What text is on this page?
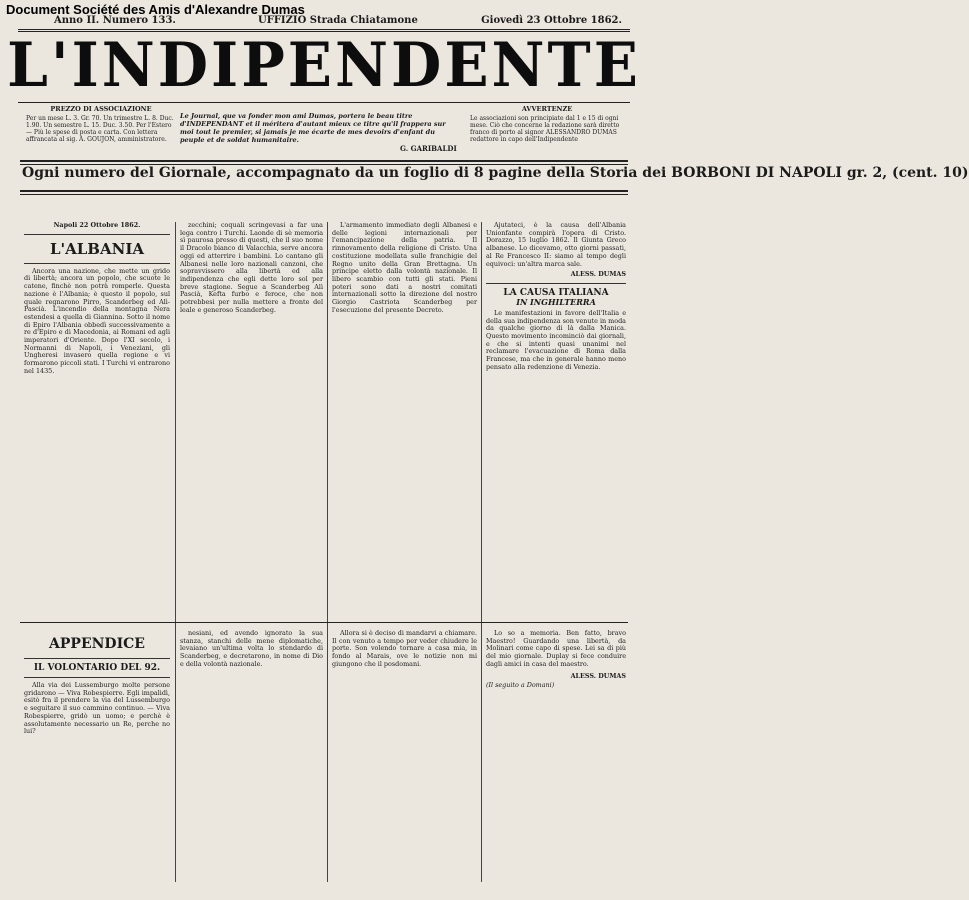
Document Société des Amis d'Alexandre Dumas
Anno II. Numero 133.	UFFIZIO Strada Chiatamone	Giovedì 23 Ottobre 1862.
L'INDIPENDENTE
PREZZO DI ASSOCIAZIONE
Per un mese L. 3. Gr. 70. Un trimestre L. 8. Duc. 1.90. Un semestre L. 15. Duc. 3.50. Per l'Estero — Più le spese di posta e carta. Con lettera affrancata al sig. A. GOUJON, amministratore.
Le Journal, que va fonder mon ami Dumas, portera le beau titre d'INDEPENDANT et il méritera d'autant mieux ce titre qu'il frappera sur moi tout le premier, si jamais je me écarte de mes devoirs d'enfant du peuple et de soldat humanitaire.
G. GARIBALDI
AVVERTENZE
Le associazioni son principiate dal 1 e 15 di ogni mese. Ciò che concerne la redazione sarà diretto franco di porto al signor ALESSANDRO DUMAS redattore in capo dell'Indipendente
Ogni numero del Giornale, accompagnato da un foglio di 8 pagine della Storia dei BORBONI DI NAPOLI gr. 2, (cent. 10)
Napoli 22 Ottobre 1862.
L'ALBANIA

Ancora una nazione, che mette un grido di libertà; ancora un popolo, che scuote le catene, finchè non potrà romperle. Questa nazione è l'Albania; è questo il popolo, sul quale regnarono Pirro, Scanderbeg ed Alì-Pascià. L'incendio della montagna Nera estendesi a quella di Giannina. Sotto il nome di Epiro l'Albania obbedì successivamente a re d'Epiro e di Macedonia, ai Romani ed agli imperatori d'Oriente. Dopo l'XI secolo, i Normanni di Napoli, i Veneziani, gli Ungheresi invasero quella regione e vi formarono piccoli stati. I Turchi vi entrarono nel 1435.

zecchini; coquali scringevasi a far una lega contro i Turchi. Laonde di sè memoria sì paurosa presso di questi, che il suo nome il Dracolo bianco di Valacchia, serve ancora oggi ed atterrire i bambini. Lo cantano gli Albanesi nelle loro nazionali canzoni, che sopravvissero alla libertà ed alla indipendenza che egli dette loro sol per breve stagione. Segue a Scanderbeg Alì Pascià, Kefta furbo e feroce, che non potrebbesi per nulla mettere a fronte del leale e generoso Scanderbeg.

L'armamento immediato degli Albanesi e delle legioni internazionali per l'emancipazione della patria. Il rinnovamento della religione di Cristo. Una costituzione modellata sulle franchigie del Regno unito della Gran Brettagna. Un principe eletto dalla volontà nazionale. Il libero scambio con tutti gli stati. Pieni poteri sono dati a nostri comitati internazionali sotto la direzione del nostro Giorgio Castriota Scanderbeg per l'esecuzione del presente Decreto.

Ajutateci, è la causa dell'Albania Unionfante compirà l'opera di Cristo. Dorazzo, 15 luglio 1862. Il Giunta Greco albanese. Lo dicevamo, otto giorni passati, al Re Francesco II: siamo al tempo degli equivoci: un'altra marca sale.

ALESS. DUMAS
LA CAUSA ITALIANA
IN INGHILTERRA

Le manifestazioni in favore dell'Italia e della sua indipendenza son venute in moda da qualche giorno di là dalla Manica. Questo movimento incominciò dai giornali, e che si intenti quasi unanimi nel reclamare l'evacuazione di Roma dalla Francese, ma che in generale hanno meno pensato alla redenzione di Venezia.

APPENDICE
IL VOLONTARIO DEL 92.

Alla via dei Lussemburgo molte persone gridarono — Viva Robespierre. Egli impalidì, esitò fra il prendere la via del Lussemburgo e seguitare il suo cammino continuo. — Viva Robespierre, gridò un uomo; e perchè è assolutamente necessario un Re, perche no lui?

nesiani, ed avendo ignorato la sua stanza, stanchi delle mene diplomatiche, levaiano un'ultima volta lo stendardo di Scanderbeg, e decretarono, in nome di Dio e della volontà nazionale.

Allora si è deciso di mandarvi a chiamare. Il con venuto a tempo per veder chiudere le porte. Son volendo tornare a casa mia, in fondo al Marais, ove le notizie non mi giungono che il posdomani.

Lo so a memoria. Ben fatto, bravo Maestro! Guardando una libertà, da Molinari come capo di spese. Lei sa di più del mio giornale. Duplay si fece conduire dagli amici in casa del maestro.

ALESS. DUMAS
(Il seguito a Domani)
